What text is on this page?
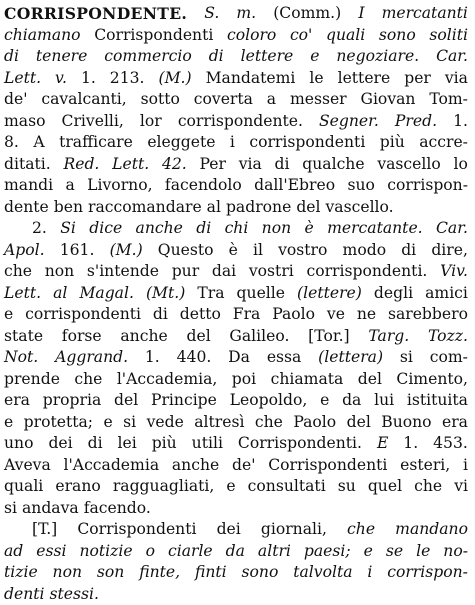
CORRISPONDENTE. S. m. (Comm.) I mercatanti
chiamano Corrispondenti coloro co' quali sono soliti
di tenere commercio di lettere e negoziare. Car.
Lett. v. 1. 213. (M.) Mandatemi le lettere per via
de' cavalcanti, sotto coverta a messer Giovan Tom-
maso Crivelli, lor corrispondente. Segner. Pred. 1.
8. A trafficare eleggete i corrispondenti più accre-
ditati. Red. Lett. 42. Per via di qualche vascello lo
mandi a Livorno, facendolo dall'Ebreo suo corrispon-
dente ben raccomandare al padrone del vascello.
2. Si dice anche di chi non è mercatante. Car.
Apol. 161. (M.) Questo è il vostro modo di dire,
che non s'intende pur dai vostri corrispondenti. Viv.
Lett. al Magal. (Mt.) Tra quelle (lettere) degli amici
e corrispondenti di detto Fra Paolo ve ne sarebbero
state forse anche del Galileo. [Tor.] Targ. Tozz.
Not. Aggrand. 1. 440. Da essa (lettera) si com-
prende che l'Accademia, poi chiamata del Cimento,
era propria del Principe Leopoldo, e da lui istituita
e protetta; e si vede altresì che Paolo del Buono era
uno dei di lei più utili Corrispondenti. E 1. 453.
Aveva l'Accademia anche de' Corrispondenti esteri, i
quali erano ragguagliati, e consultati su quel che vi
si andava facendo.
[T.] Corrispondenti dei giornali, che mandano
ad essi notizie o ciarle da altri paesi; e se le no-
tizie non son finte, finti sono talvolta i corrispon-
denti stessi.
